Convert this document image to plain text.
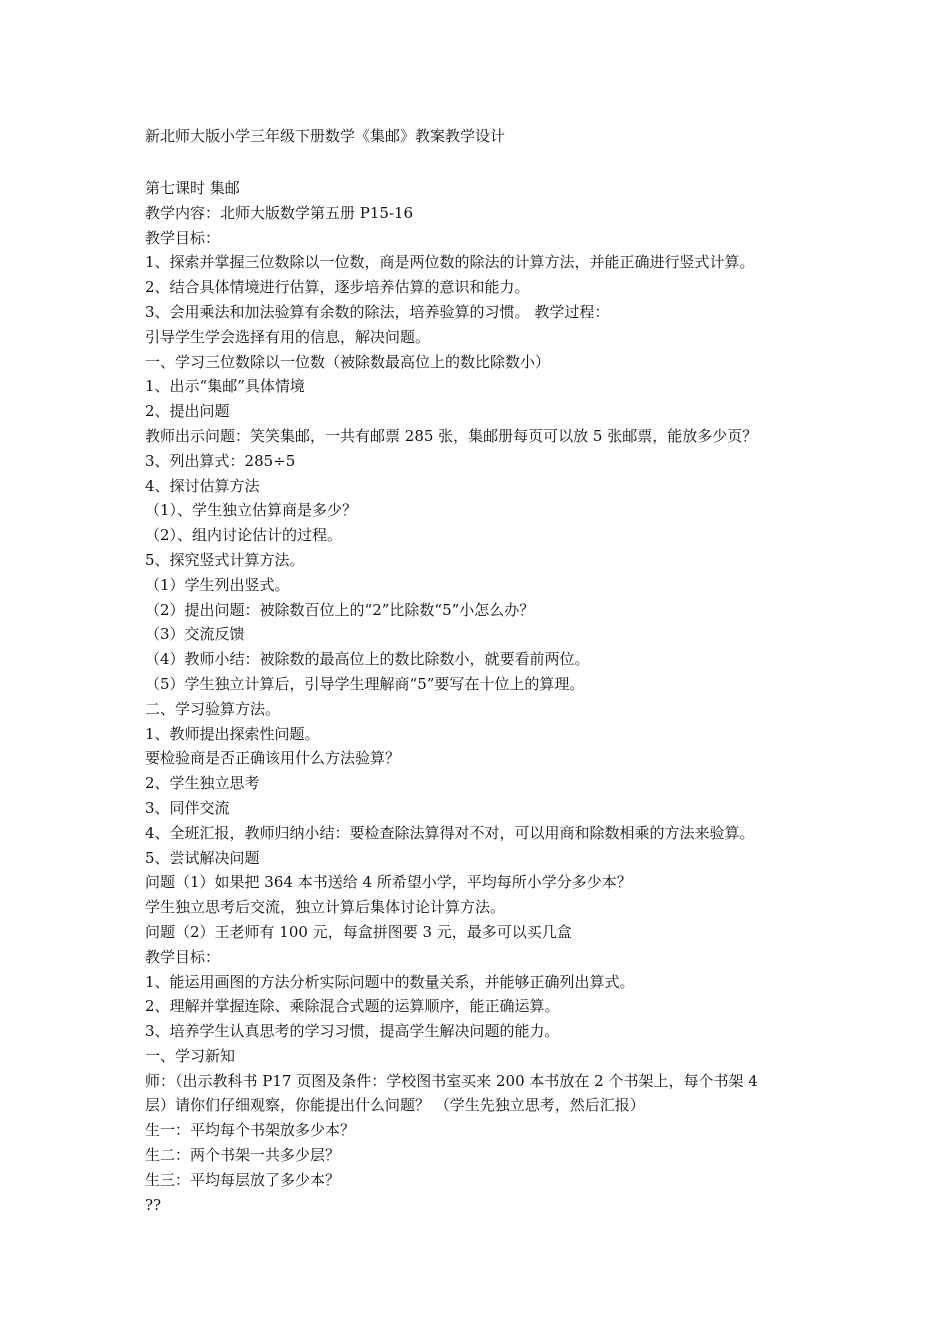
新北师大版小学三年级下册数学《集邮》教案教学设计

第七课时 集邮

教学内容：北师大版数学第五册 P15-16

教学目标：

1、探索并掌握三位数除以一位数，商是两位数的除法的计算方法，并能正确进行竖式计算。

2、结合具体情境进行估算，逐步培养估算的意识和能力。

3、会用乘法和加法验算有余数的除法，培养验算的习惯。 教学过程：

引导学生学会选择有用的信息，解决问题。

一、学习三位数除以一位数（被除数最高位上的数比除数小）

1、出示“集邮”具体情境

2、提出问题

教师出示问题：笑笑集邮，一共有邮票 285 张，集邮册每页可以放 5 张邮票，能放多少页？

3、列出算式：285÷5

4、探讨估算方法

（1）、学生独立估算商是多少？

（2）、组内讨论估计的过程。

5、探究竖式计算方法。

（1）学生列出竖式。

（2）提出问题：被除数百位上的“2”比除数“5”小怎么办？

（3）交流反馈

（4）教师小结：被除数的最高位上的数比除数小，就要看前两位。

（5）学生独立计算后，引导学生理解商“5”要写在十位上的算理。

二、学习验算方法。

1、教师提出探索性问题。

要检验商是否正确该用什么方法验算？

2、学生独立思考

3、同伴交流

4、全班汇报，教师归纳小结：要检查除法算得对不对，可以用商和除数相乘的方法来验算。

5、尝试解决问题

问题（1）如果把 364 本书送给 4 所希望小学，平均每所小学分多少本？

学生独立思考后交流，独立计算后集体讨论计算方法。

问题（2）王老师有 100 元，每盒拼图要 3 元，最多可以买几盒

教学目标：

1、能运用画图的方法分析实际问题中的数量关系，并能够正确列出算式。

2、理解并掌握连除、乘除混合式题的运算顺序，能正确运算。

3、培养学生认真思考的学习习惯，提高学生解决问题的能力。

一、学习新知

师：（出示教科书 P17 页图及条件：学校图书室买来 200 本书放在 2 个书架上，每个书架 4

层）请你们仔细观察，你能提出什么问题？ （学生先独立思考，然后汇报）

生一：平均每个书架放多少本？

生二：两个书架一共多少层？

生三：平均每层放了多少本？

??
